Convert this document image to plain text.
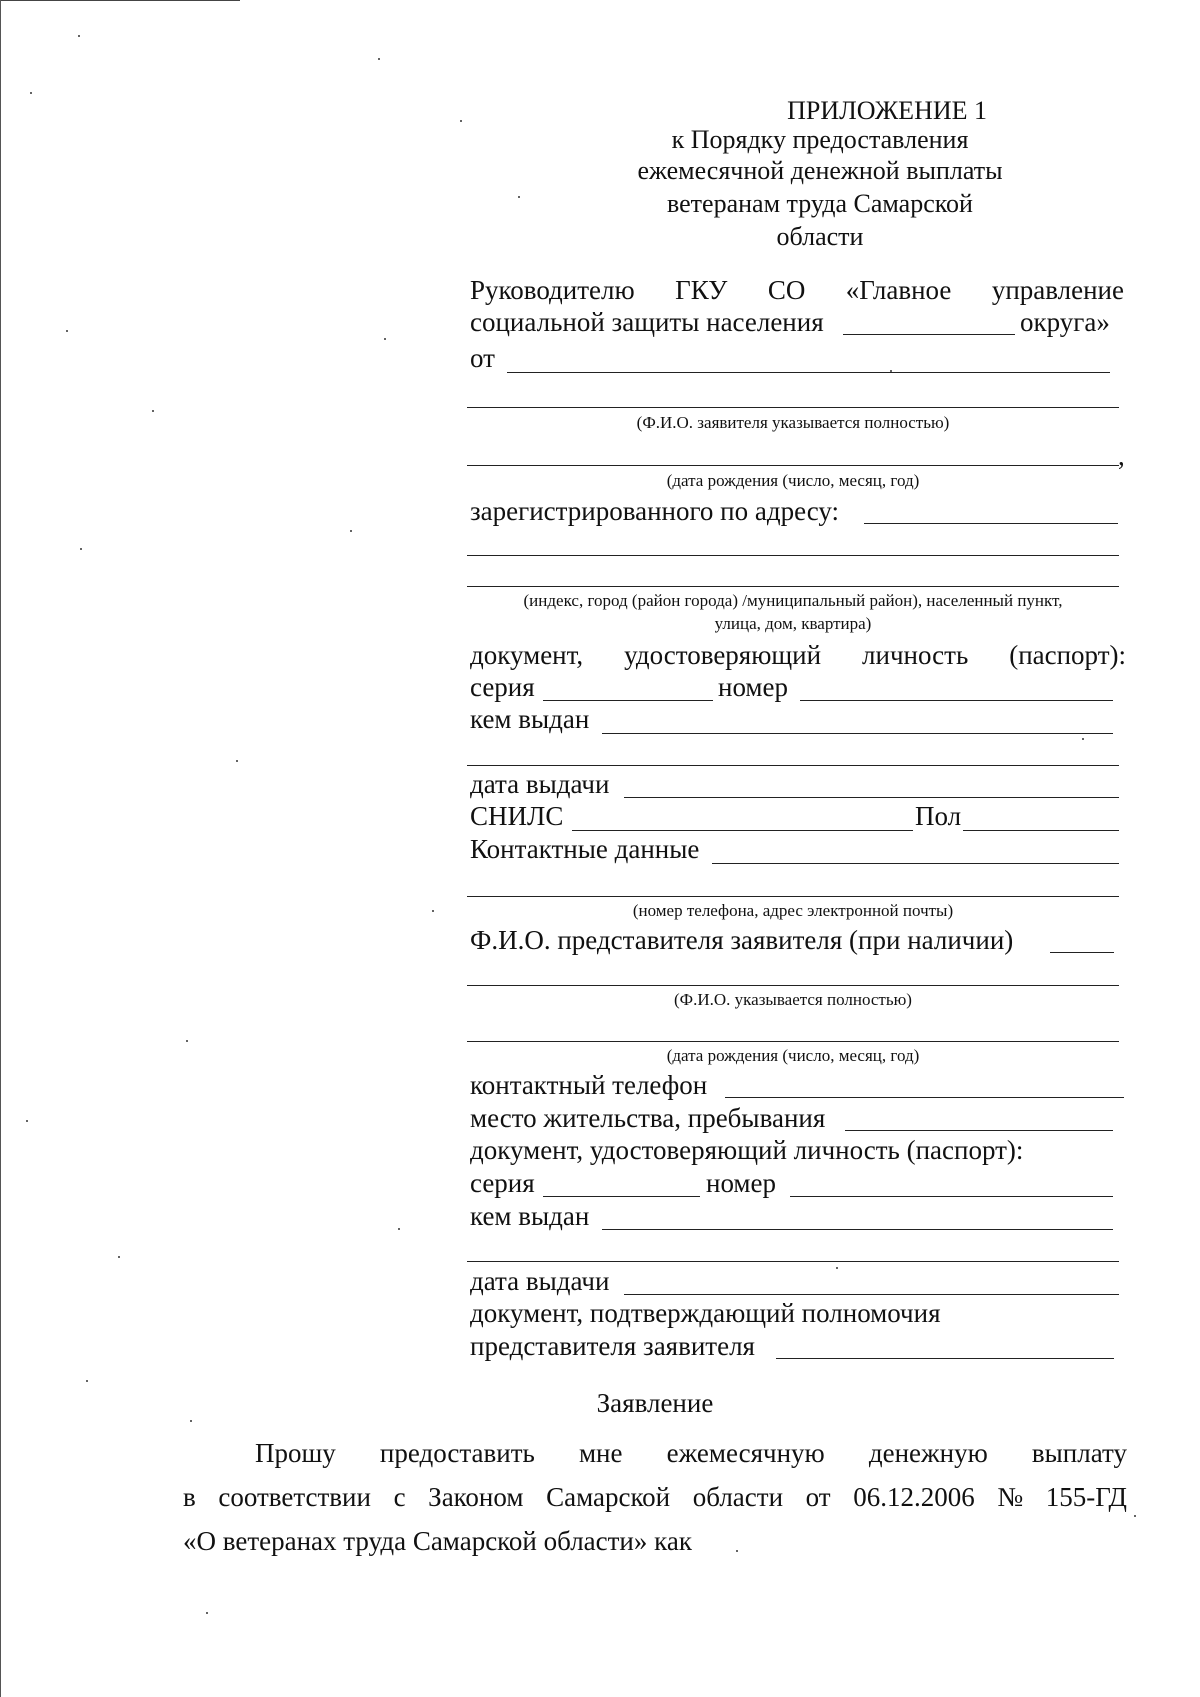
ПРИЛОЖЕНИЕ 1
к Порядку предоставления
ежемесячной денежной выплаты
ветеранам труда Самарской
области
Руководителю ГКУ СО «Главное управление
социальной защиты населения	округа»
от
(Ф.И.О. заявителя указывается полностью)
,
(дата рождения (число, месяц, год)
зарегистрированного по адресу:
(индекс, город (район города) /муниципальный район), населенный пункт,
улица, дом, квартира)
документ, удостоверяющий личность (паспорт):
серия	номер
кем выдан
дата выдачи
СНИЛС	Пол
Контактные данные
(номер телефона, адрес электронной почты)
Ф.И.О. представителя заявителя (при наличии)
(Ф.И.О. указывается полностью)
(дата рождения (число, месяц, год)
контактный телефон
место жительства, пребывания
документ, удостоверяющий личность (паспорт):
серия	номер
кем выдан
дата выдачи
документ, подтверждающий полномочия
представителя заявителя
Заявление
Прошу предоставить мне ежемесячную денежную выплату
в соответствии с Законом Самарской области от 06.12.2006 № 155-ГД
«О ветеранах труда Самарской области» как
